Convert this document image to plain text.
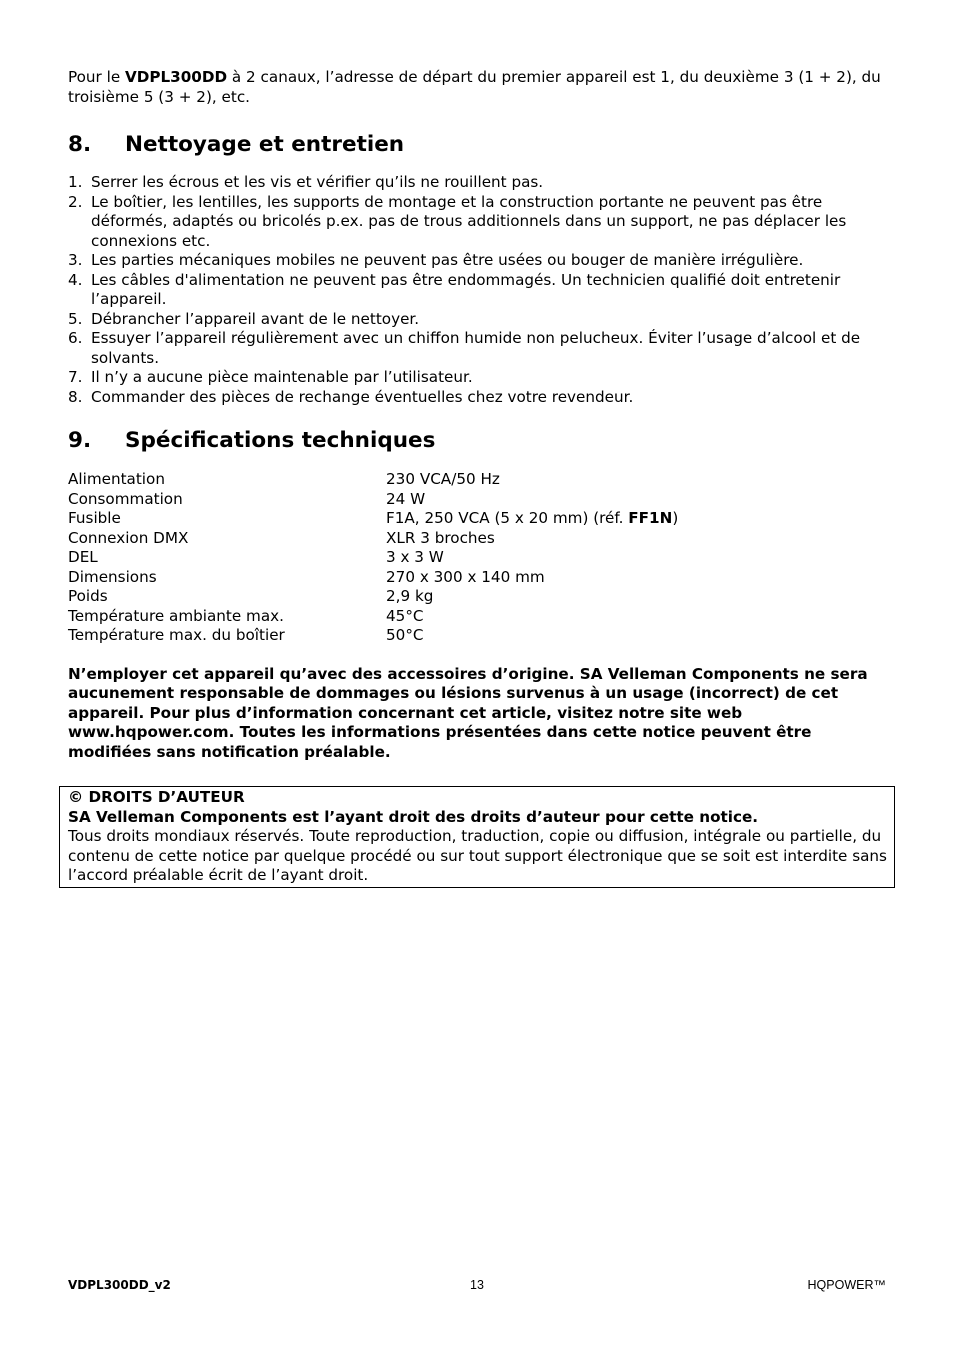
Pour le VDPL300DD à 2 canaux, l’adresse de départ du premier appareil est 1, du deuxième 3 (1 + 2), du troisième 5 (3 + 2), etc.

8.	Nettoyage et entretien
1. Serrer les écrous et les vis et vérifier qu’ils ne rouillent pas.
2. Le boîtier, les lentilles, les supports de montage et la construction portante ne peuvent pas être déformés, adaptés ou bricolés p.ex. pas de trous additionnels dans un support, ne pas déplacer les connexions etc.
3. Les parties mécaniques mobiles ne peuvent pas être usées ou bouger de manière irrégulière.
4. Les câbles d'alimentation ne peuvent pas être endommagés. Un technicien qualifié doit entretenir l’appareil.
5. Débrancher l’appareil avant de le nettoyer.
6. Essuyer l’appareil régulièrement avec un chiffon humide non pelucheux. Éviter l’usage d’alcool et de solvants.
7. Il n’y a aucune pièce maintenable par l’utilisateur.
8. Commander des pièces de rechange éventuelles chez votre revendeur.
9.	Spécifications techniques
Alimentation	230 VCA/50 Hz
Consommation	24 W
Fusible	F1A, 250 VCA (5 x 20 mm) (réf. FF1N)
Connexion DMX	XLR 3 broches
DEL	3 x 3 W
Dimensions	270 x 300 x 140 mm
Poids	2,9 kg
Température ambiante max.	45°C
Température max. du boîtier	50°C

N’employer cet appareil qu’avec des accessoires d’origine. SA Velleman Components ne sera aucunement responsable de dommages ou lésions survenus à un usage (incorrect) de cet appareil. Pour plus d’information concernant cet article, visitez notre site web www.hqpower.com. Toutes les informations présentées dans cette notice peuvent être modifiées sans notification préalable.

© DROITS D’AUTEUR
SA Velleman Components est l’ayant droit des droits d’auteur pour cette notice.
Tous droits mondiaux réservés. Toute reproduction, traduction, copie ou diffusion, intégrale ou partielle, du contenu de cette notice par quelque procédé ou sur tout support électronique que se soit est interdite sans l’accord préalable écrit de l’ayant droit.
VDPL300DD_v2	13	HQPOWER™
